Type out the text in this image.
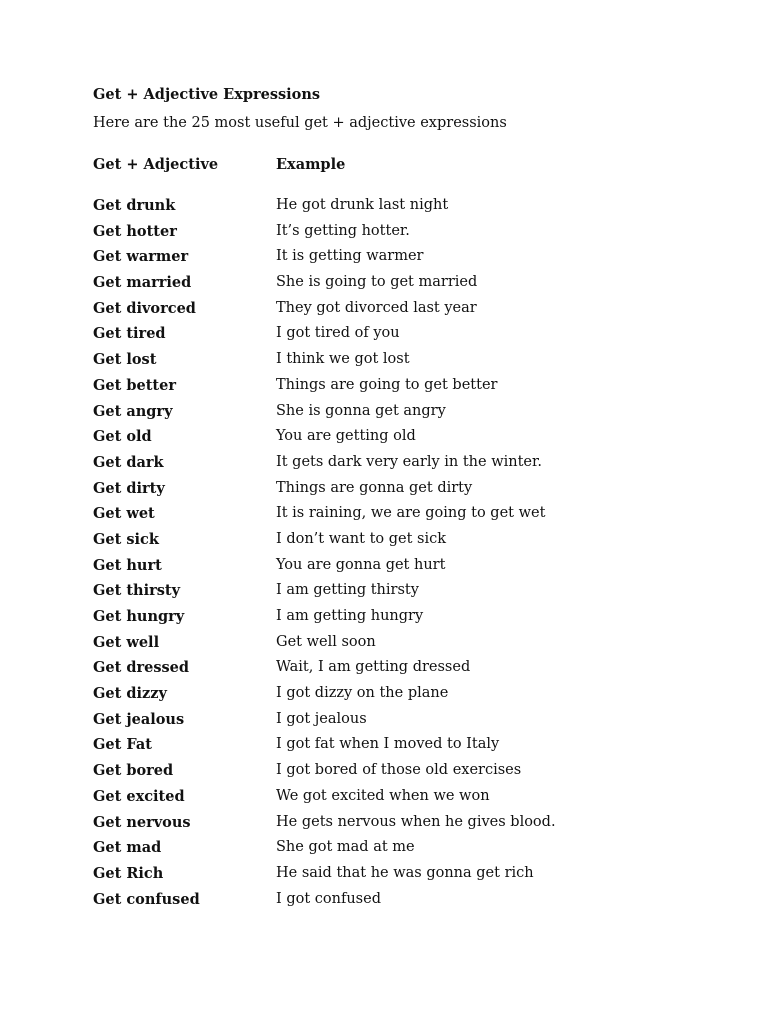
Get + Adjective Expressions
Here are the 25 most useful get + adjective expressions
Get + Adjective	Example
Get drunk	He got drunk last night
Get hotter	It’s getting hotter.
Get warmer	It is getting warmer
Get married	She is going to get married
Get divorced	They got divorced last year
Get tired	I got tired of you
Get lost	I think we got lost
Get better	Things are going to get better
Get angry	She is gonna get angry
Get old	You are getting old
Get dark	It gets dark very early in the winter.
Get dirty	Things are gonna get dirty
Get wet	It is raining, we are going to get wet
Get sick	I don’t want to get sick
Get hurt	You are gonna get hurt
Get thirsty	I am getting thirsty
Get hungry	I am getting hungry
Get well	Get well soon
Get dressed	Wait, I am getting dressed
Get dizzy	I got dizzy on the plane
Get jealous	I got jealous
Get Fat	I got fat when I moved to Italy
Get bored	I got bored of those old exercises
Get excited	We got excited when we won
Get nervous	He gets nervous when he gives blood.
Get mad	She got mad at me
Get Rich	He said that he was gonna get rich
Get confused	I got confused
